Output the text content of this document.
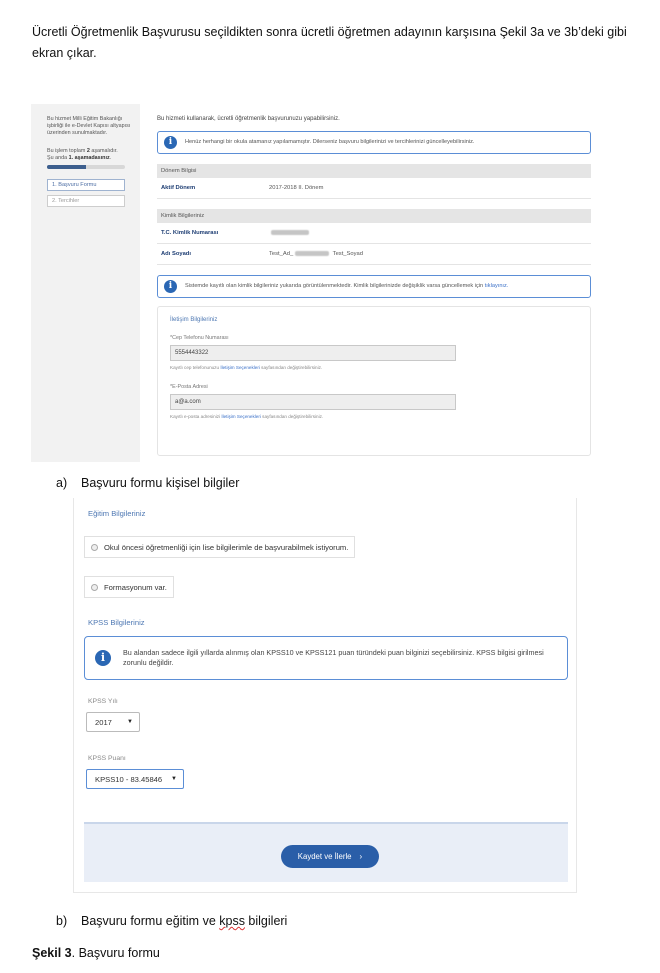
Ücretli Öğretmenlik Başvurusu seçildikten sonra ücretli öğretmen adayının karşısına Şekil 3a ve 3b’deki gibi ekran çıkar.
Bu hizmet Milli Eğitim Bakanlığı işbirliği ile e-Devlet Kapısı altyapısı üzerinden sunulmaktadır.
Bu işlem toplam 2 aşamalıdır.
Şu anda 1. aşamadasınız.
1. Başvuru Formu
2. Tercihler
Bu hizmeti kullanarak, ücretli öğretmenlik başvurunuzu yapabilirsiniz.
i	Henüz herhangi bir okula atamanız yapılamamıştır. Dilerseniz başvuru bilgilerinizi ve tercihlerinizi güncelleyebilirsiniz.
Dönem Bilgisi
Aktif Dönem	2017-2018 II. Dönem
Kimlik Bilgileriniz
T.C. Kimlik Numarası
Adı Soyadı	Test_Ad_	Test_Soyad
i	Sistemde kayıtlı olan kimlik bilgileriniz yukarıda görüntülenmektedir. Kimlik bilgilerinizde değişiklik varsa güncellemek için tıklayınız.
İletişim Bilgileriniz
*Cep Telefonu Numarası
5554443322
Kayıtlı cep telefonunuzu İletişim Seçenekleri sayfasından değiştirebilirsiniz.
*E-Posta Adresi
a@a.com
Kayıtlı e-posta adresinizi İletişim Seçenekleri sayfasından değiştirebilirsiniz.
a) Başvuru formu kişisel bilgiler
Eğitim Bilgileriniz
Okul öncesi öğretmenliği için lise bilgilerimle de başvurabilmek istiyorum.
Formasyonum var.
KPSS Bilgileriniz
i	Bu alandan sadece ilgili yıllarda alınmış olan KPSS10 ve KPSS121 puan türündeki puan bilginizi seçebilirsiniz. KPSS bilgisi girilmesi zorunlu değildir.
KPSS Yılı
2017	▼
KPSS Puanı
KPSS10 - 83.45846 ▼
Kaydet ve İlerle ›
b) Başvuru formu eğitim ve kpss bilgileri
Şekil 3. Başvuru formu
